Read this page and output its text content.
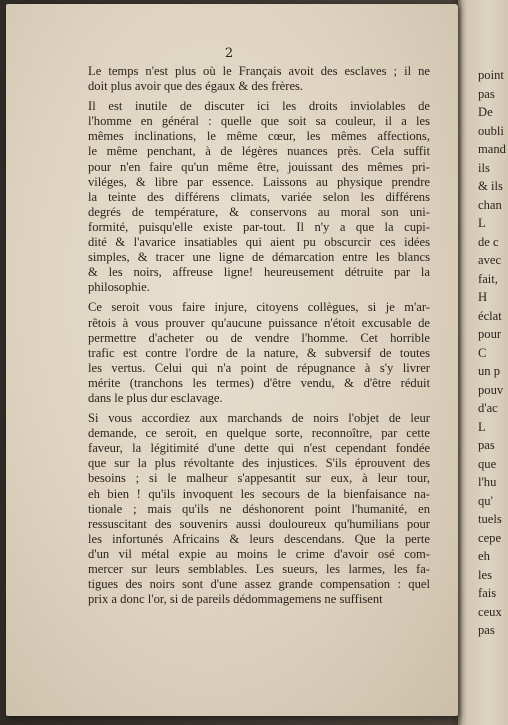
point
pas
De
oubli
mand
ils
& ils
chan
L
de c
avec
fait,
H
éclat
pour
C
un p
pouv
d'ac
L
pas
que
l'hu
qu'
tuels
cepe
eh
les
fais
ceux
pas
2
Le temps n'est plus où le Français avoit des esclaves ; il ne
doit plus avoir que des égaux & des frères.
Il est inutile de discuter ici les droits inviolables de
l'homme en général : quelle que soit sa couleur, il a les
mêmes inclinations, le même cœur, les mêmes affections,
le même penchant, à de légères nuances près. Cela suffit
pour n'en faire qu'un même être, jouissant des mêmes pri-
viléges, & libre par essence. Laissons au physique prendre
la teinte des différens climats, variée selon les différens
degrés de température, & conservons au moral son uni-
formité, puisqu'elle existe par-tout. Il n'y a que la cupi-
dité & l'avarice insatiables qui aient pu obscurcir ces idées
simples, & tracer une ligne de démarcation entre les blancs
& les noirs, affreuse ligne! heureusement détruite par la
philosophie.
Ce seroit vous faire injure, citoyens collègues, si je m'ar-
rêtois à vous prouver qu'aucune puissance n'étoit excusable de
permettre d'acheter ou de vendre l'homme. Cet horrible
trafic est contre l'ordre de la nature, & subversif de toutes
les vertus. Celui qui n'a point de répugnance à s'y livrer
mérite (tranchons les termes) d'être vendu, & d'être réduit
dans le plus dur esclavage.
Si vous accordiez aux marchands de noirs l'objet de leur
demande, ce seroit, en quelque sorte, reconnoître, par cette
faveur, la légitimité d'une dette qui n'est cependant fondée
que sur la plus révoltante des injustices. S'ils éprouvent des
besoins ; si le malheur s'appesantit sur eux, à leur tour,
eh bien ! qu'ils invoquent les secours de la bienfaisance na-
tionale ; mais qu'ils ne déshonorent point l'humanité, en
ressuscitant des souvenirs aussi douloureux qu'humilians pour
les infortunés Africains & leurs descendans. Que la perte
d'un vil métal expie au moins le crime d'avoir osé com-
mercer sur leurs semblables. Les sueurs, les larmes, les fa-
tigues des noirs sont d'une assez grande compensation : quel
prix a donc l'or, si de pareils dédommagemens ne suffisent
